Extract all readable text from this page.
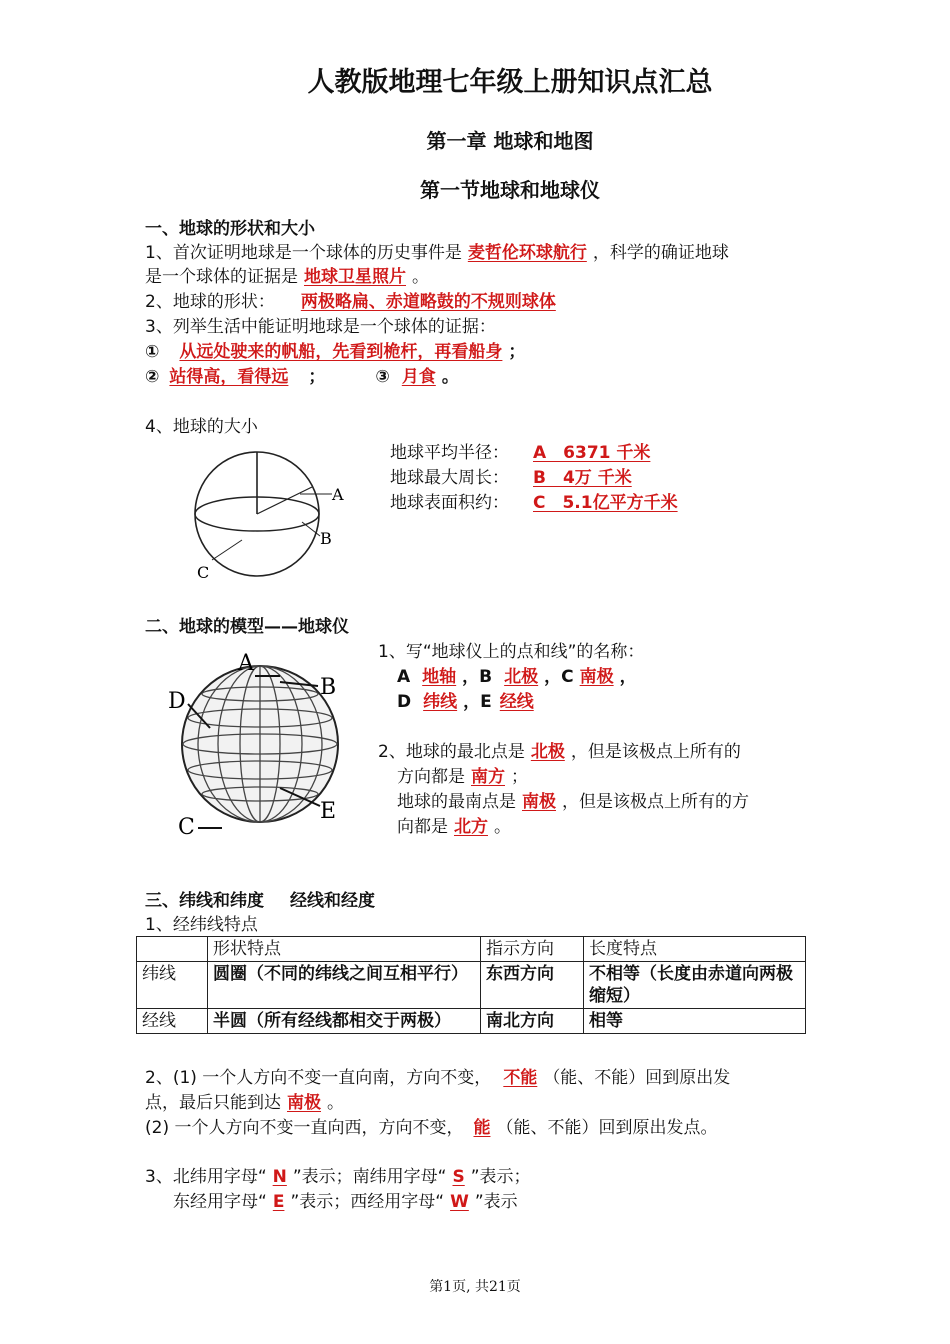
人教版地理七年级上册知识点汇总
第一章 地球和地图
第一节地球和地球仪
一、地球的形状和大小
1、首次证明地球是一个球体的历史事件是 麦哲伦环球航行 ，科学的确证地球
是一个球体的证据是 地球卫星照片 。
2、地球的形状： 两极略扁、赤道略鼓的不规则球体
3、列举生活中能证明地球是一个球体的证据：
① 从远处驶来的帆船，先看到桅杆，再看船身 ；
② 站得高，看得远 ；	③ 月食 。
4、地球的大小
A
B
C
地球平均半径： A　6371 千米
地球最大周长： B　4万 千米
地球表面积约： C　5.1亿平方千米
二、地球的模型——地球仪
A
B
D
E
C
1、写“地球仪上的点和线”的名称：
A 地轴 ，B 北极 ，C 南极 ，
D 纬线 ，E 经线
2、地球的最北点是 北极 ，但是该极点上所有的
方向都是 南方 ；
地球的最南点是 南极 ，但是该极点上所有的方
向都是 北方 。
三、纬线和纬度 经线和经度
1、经纬线特点
	形状特点	指示方向	长度特点
纬线	圆圈（不同的纬线之间互相平行）	东西方向	不相等（长度由赤道向两极缩短）
经线	半圆（所有经线都相交于两极）	南北方向	相等
2、(1) 一个人方向不变一直向南，方向不变， 不能 （能、不能）回到原出发
点，最后只能到达 南极 。
(2) 一个人方向不变一直向西，方向不变， 能 （能、不能）回到原出发点。
3、北纬用字母“ N ”表示；南纬用字母“ S ”表示；
东经用字母“ E ”表示；西经用字母“ W ”表示
第1页, 共21页
